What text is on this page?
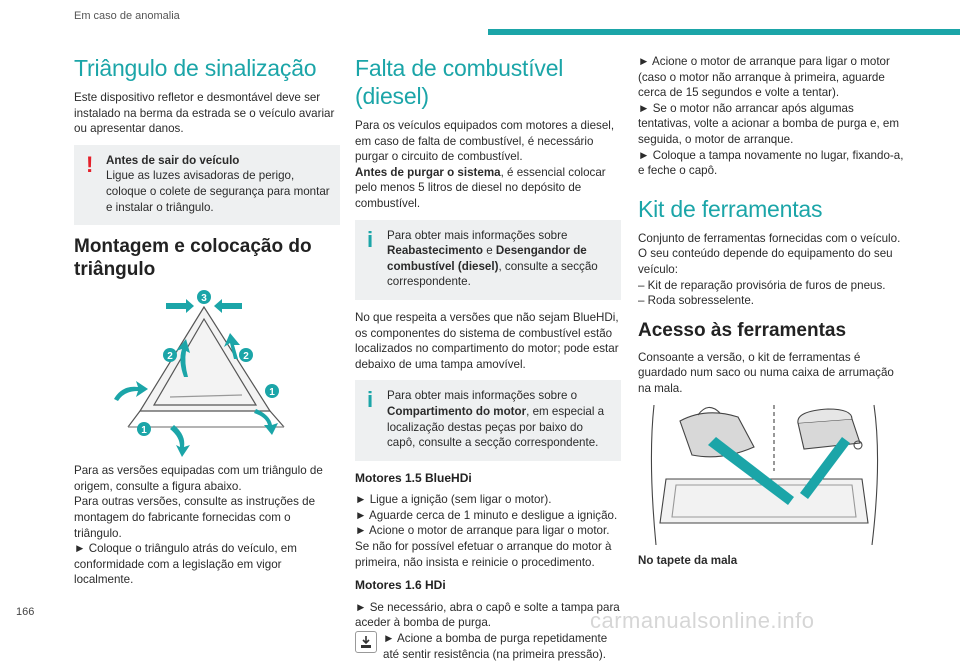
Em caso de anomalia
Triângulo de sinalização

Este dispositivo refletor e desmontável deve ser instalado na berma da estrada se o veículo avariar ou apresentar danos.

! Antes de sair do veículo
Ligue as luzes avisadoras de perigo, coloque o colete de segurança para montar e instalar o triângulo.
Montagem e colocação do triângulo
3
2	2
1
1

Para as versões equipadas com um triângulo de origem, consulte a figura abaixo.

Para outras versões, consulte as instruções de montagem do fabricante fornecidas com o triângulo.

► Coloque o triângulo atrás do veículo, em conformidade com a legislação em vigor localmente.

Falta de combustível (diesel)

Para os veículos equipados com motores a diesel, em caso de falta de combustível, é necessário purgar o circuito de combustível.

Antes de purgar o sistema, é essencial colocar pelo menos 5 litros de diesel no depósito de combustível.

i	Para obter mais informações sobre Reabastecimento e Desengandor de combustível (diesel), consulte a secção correspondente.

No que respeita a versões que não sejam BlueHDi, os componentes do sistema de combustível estão localizados no compartimento do motor; pode estar debaixo de uma tampa amovível.

i	Para obter mais informações sobre o Compartimento do motor, em especial a localização destas peças por baixo do capô, consulte a secção correspondente.
Motores 1.5 BlueHDi
► Ligue a ignição (sem ligar o motor).
► Aguarde cerca de 1 minuto e desligue a ignição.
► Acione o motor de arranque para ligar o motor.

Se não for possível efetuar o arranque do motor à primeira, não insista e reinicie o procedimento.

Motores 1.6 HDi
► Se necessário, abra o capô e solte a tampa para aceder à bomba de purga.
► Acione a bomba de purga repetidamente até sentir resistência (na primeira pressão).

► Acione o motor de arranque para ligar o motor (caso o motor não arranque à primeira, aguarde cerca de 15 segundos e volte a tentar).

► Se o motor não arrancar após algumas tentativas, volte a acionar a bomba de purga e, em seguida, o motor de arranque.

► Coloque a tampa novamente no lugar, fixando-a, e feche o capô.

Kit de ferramentas
Conjunto de ferramentas fornecidas com o veículo.
O seu conteúdo depende do equipamento do seu veículo:
– Kit de reparação provisória de furos de pneus.
– Roda sobresselente.
Acesso às ferramentas

Consoante a versão, o kit de ferramentas é guardado num saco ou numa caixa de arrumação na mala.

No tapete da mala
166	carmanualsonline.info
